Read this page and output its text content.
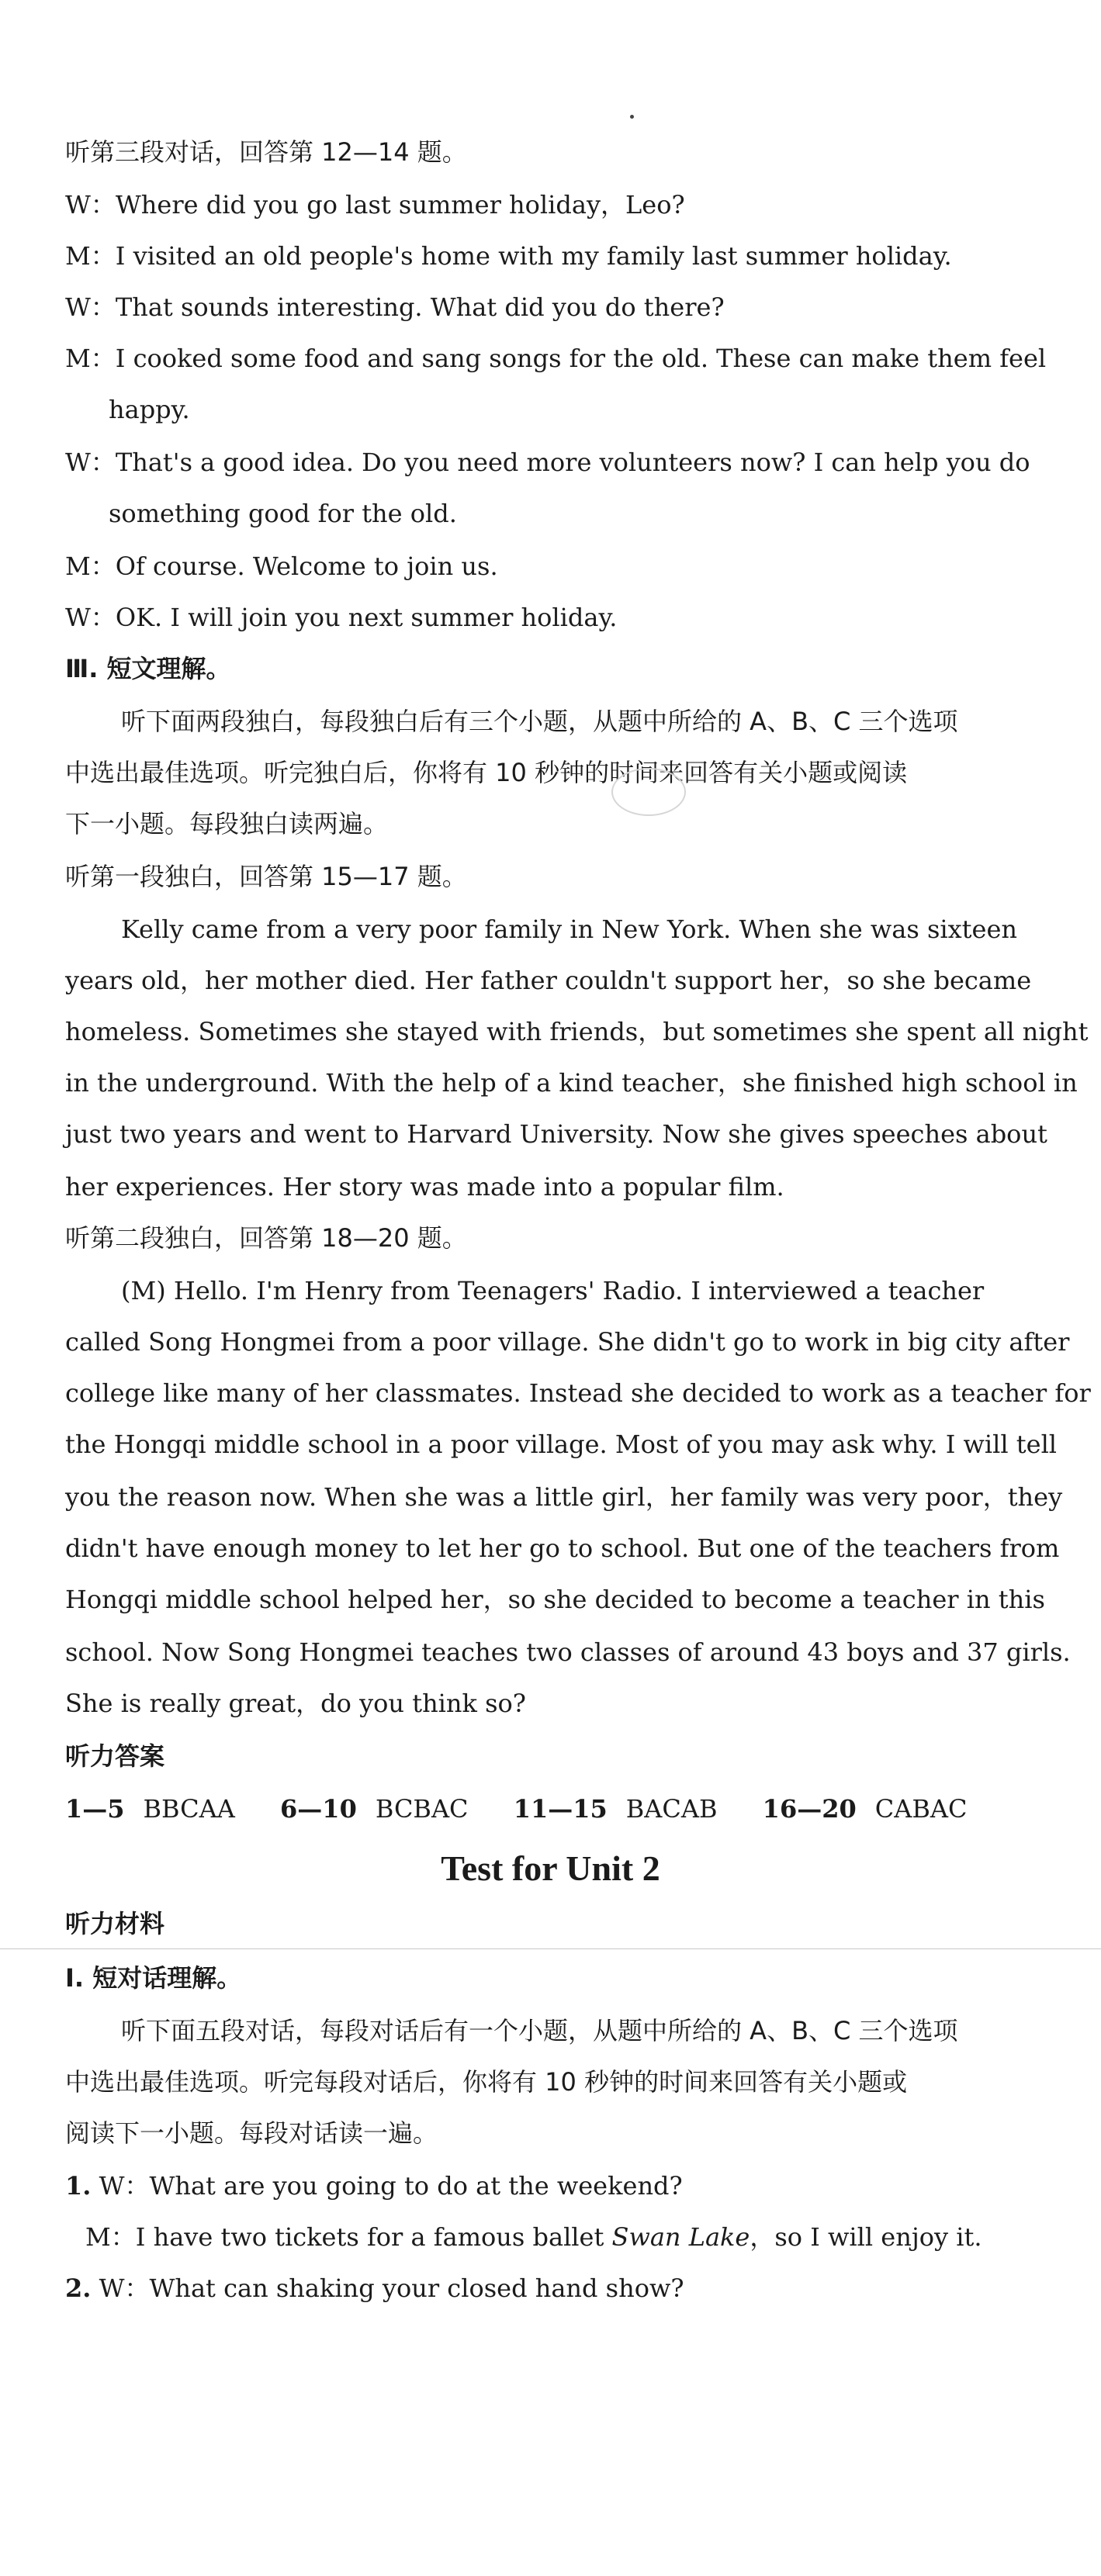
听第三段对话，回答第 12—14 题。
W：Where did you go last summer holiday，Leo?
M：I visited an old people's home with my family last summer holiday.
W：That sounds interesting. What did you do there?
M：I cooked some food and sang songs for the old. These can make them feel
happy.
W：That's a good idea. Do you need more volunteers now? I can help you do
something good for the old.
M：Of course. Welcome to join us.
W：OK. I will join you next summer holiday.
Ⅲ. 短文理解。
听下面两段独白，每段独白后有三个小题，从题中所给的 A、B、C 三个选项
中选出最佳选项。听完独白后，你将有 10 秒钟的时间来回答有关小题或阅读
下一小题。每段独白读两遍。
听第一段独白，回答第 15—17 题。
Kelly came from a very poor family in New York. When she was sixteen
years old，her mother died. Her father couldn't support her，so she became
homeless. Sometimes she stayed with friends，but sometimes she spent all night
in the underground. With the help of a kind teacher，she finished high school in
just two years and went to Harvard University. Now she gives speeches about
her experiences. Her story was made into a popular film.
听第二段独白，回答第 18—20 题。
(M) Hello. I'm Henry from Teenagers' Radio. I interviewed a teacher
called Song Hongmei from a poor village. She didn't go to work in big city after
college like many of her classmates. Instead she decided to work as a teacher for
the Hongqi middle school in a poor village. Most of you may ask why. I will tell
you the reason now. When she was a little girl，her family was very poor，they
didn't have enough money to let her go to school. But one of the teachers from
Hongqi middle school helped her，so she decided to become a teacher in this
school. Now Song Hongmei teaches two classes of around 43 boys and 37 girls.
She is really great，do you think so?
听力答案
1—5 BBCAA 6—10 BCBAC 11—15 BACAB 16—20 CABAC
Test for Unit 2
听力材料
Ⅰ. 短对话理解。
听下面五段对话，每段对话后有一个小题，从题中所给的 A、B、C 三个选项
中选出最佳选项。听完每段对话后，你将有 10 秒钟的时间来回答有关小题或
阅读下一小题。每段对话读一遍。
1. W：What are you going to do at the weekend?
M：I have two tickets for a famous ballet Swan Lake，so I will enjoy it.
2. W：What can shaking your closed hand show?
